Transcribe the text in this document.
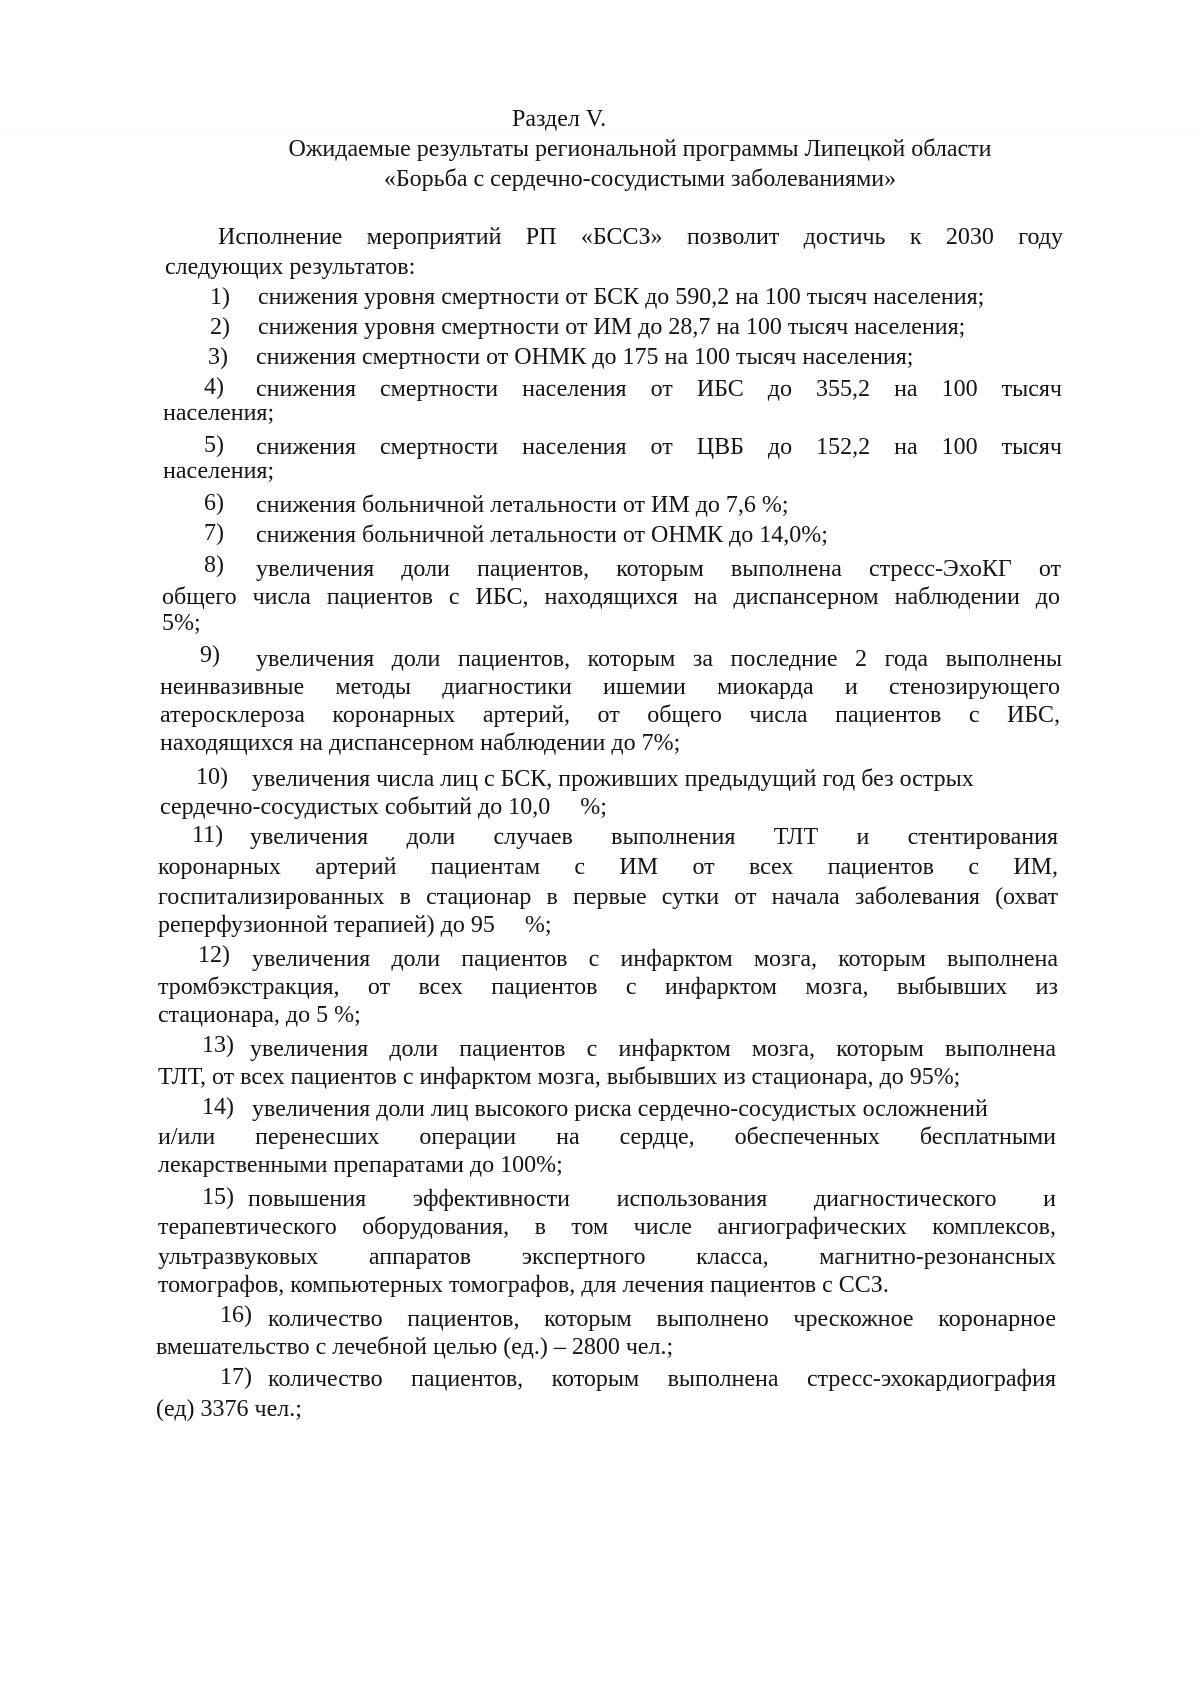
Раздел V.
Ожидаемые результаты региональной программы Липецкой области
«Борьба с сердечно-сосудистыми заболеваниями»
Исполнение мероприятий РП «БССЗ» позволит достичь к 2030 году
следующих результатов:
1) снижения уровня смертности от БСК до 590,2 на 100 тысяч населения;
2) снижения уровня смертности от ИМ до 28,7 на 100 тысяч населения;
3) снижения смертности от ОНМК до 175 на 100 тысяч населения;
4) снижения смертности населения от ИБС до 355,2 на 100 тысяч
населения;
5) снижения смертности населения от ЦВБ до 152,2 на 100 тысяч
населения;
6) снижения больничной летальности от ИМ до 7,6 %;
7) снижения больничной летальности от ОНМК до 14,0%;
8) увеличения доли пациентов, которым выполнена стресс-ЭхоКГ от
общего числа пациентов с ИБС, находящихся на диспансерном наблюдении до
5%;
9) увеличения доли пациентов, которым за последние 2 года выполнены
неинвазивные методы диагностики ишемии миокарда и стенозирующего
атеросклероза коронарных артерий, от общего числа пациентов с ИБС,
находящихся на диспансерном наблюдении до 7%;
10) увеличения числа лиц с БСК, проживших предыдущий год без острых
сердечно-сосудистых событий до 10,0     %;
11) увеличения доли случаев выполнения ТЛТ и стентирования
коронарных артерий пациентам с ИМ от всех пациентов с ИМ,
госпитализированных в стационар в первые сутки от начала заболевания (охват
реперфузионной терапией) до 95     %;
12) увеличения доли пациентов с инфарктом мозга, которым выполнена
тромбэкстракция, от всех пациентов с инфарктом мозга, выбывших из
стационара, до 5 %;
13) увеличения доли пациентов с инфарктом мозга, которым выполнена
ТЛТ, от всех пациентов с инфарктом мозга, выбывших из стационара, до 95%;
14) увеличения доли лиц высокого риска сердечно-сосудистых осложнений
и/или перенесших операции на сердце, обеспеченных бесплатными
лекарственными препаратами до 100%;
15) повышения эффективности использования диагностического и
терапевтического оборудования, в том числе ангиографических комплексов,
ультразвуковых аппаратов экспертного класса, магнитно-резонансных
томографов, компьютерных томографов, для лечения пациентов с ССЗ.
16) количество пациентов, которым выполнено чрескожное коронарное
вмешательство с лечебной целью (ед.) – 2800 чел.;
17) количество пациентов, которым выполнена стресс-эхокардиография
(ед) 3376 чел.;
